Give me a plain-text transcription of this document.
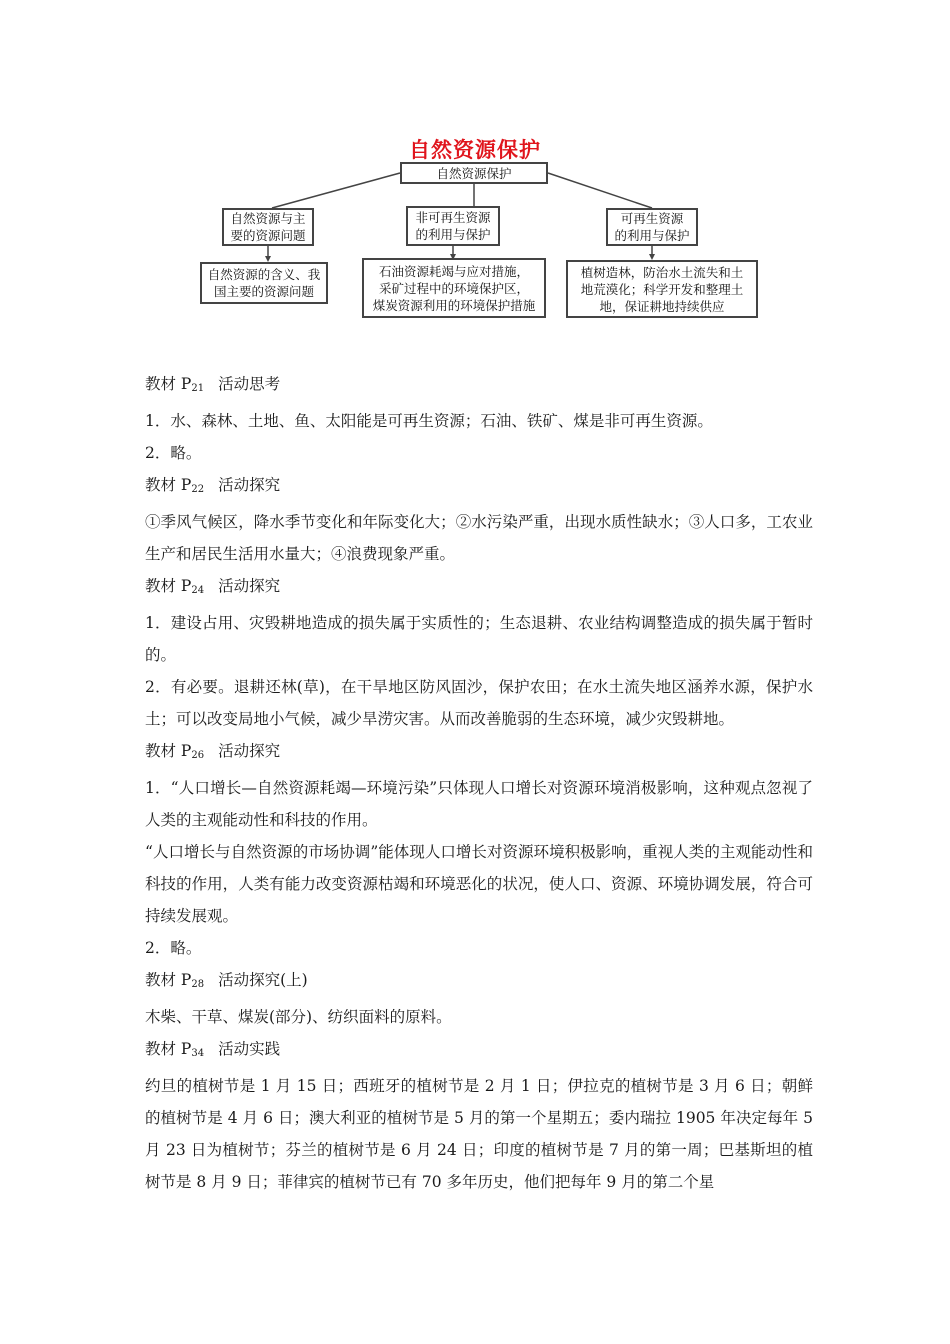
自然资源保护
自然资源保护
自然资源与主
要的资源问题
非可再生资源
的利用与保护
可再生资源
的利用与保护
自然资源的含义、我
国主要的资源问题
石油资源耗竭与应对措施，
采矿过程中的环境保护区，
煤炭资源利用的环境保护措施
植树造林，防治水土流失和土
地荒漠化；科学开发和整理土
地，保证耕地持续供应
教材 P21 活动思考

1．水、森林、土地、鱼、太阳能是可再生资源；石油、铁矿、煤是非可再生资源。

2．略。

教材 P22 活动探究

①季风气候区，降水季节变化和年际变化大；②水污染严重，出现水质性缺水；③人口多，工农业生产和居民生活用水量大；④浪费现象严重。

教材 P24 活动探究

1．建设占用、灾毁耕地造成的损失属于实质性的；生态退耕、农业结构调整造成的损失属于暂时的。

2．有必要。退耕还林(草)，在干旱地区防风固沙，保护农田；在水土流失地区涵养水源，保护水土；可以改变局地小气候，减少旱涝灾害。从而改善脆弱的生态环境，减少灾毁耕地。

教材 P26 活动探究

1．“人口增长—自然资源耗竭—环境污染”只体现人口增长对资源环境消极影响，这种观点忽视了人类的主观能动性和科技的作用。

“人口增长与自然资源的市场协调”能体现人口增长对资源环境积极影响，重视人类的主观能动性和科技的作用，人类有能力改变资源枯竭和环境恶化的状况，使人口、资源、环境协调发展，符合可持续发展观。

2．略。

教材 P28 活动探究(上)

木柴、干草、煤炭(部分)、纺织面料的原料。

教材 P34 活动实践

约旦的植树节是 1 月 15 日；西班牙的植树节是 2 月 1 日；伊拉克的植树节是 3 月 6 日；朝鲜的植树节是 4 月 6 日；澳大利亚的植树节是 5 月的第一个星期五；委内瑞拉 1905 年决定每年 5 月 23 日为植树节；芬兰的植树节是 6 月 24 日；印度的植树节是 7 月的第一周；巴基斯坦的植树节是 8 月 9 日；菲律宾的植树节已有 70 多年历史，他们把每年 9 月的第二个星
